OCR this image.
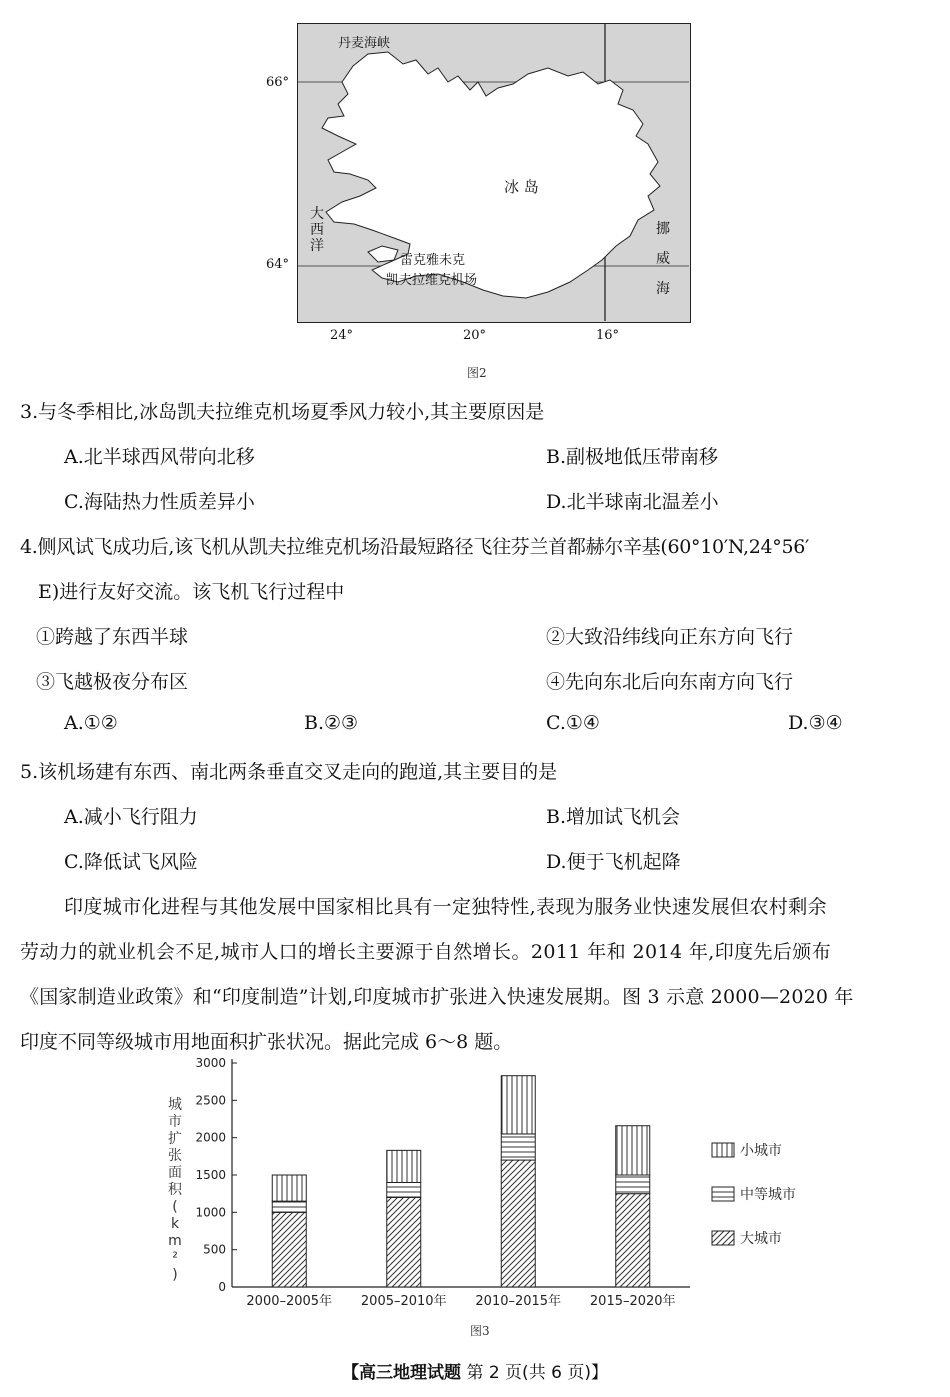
丹麦海峡
冰 岛
大西洋
挪 威 海
雷克雅未克
凯夫拉维克机场
66°
64°
24°	20°	16°
图2
3.与冬季相比,冰岛凯夫拉维克机场夏季风力较小,其主要原因是
A.北半球西风带向北移	B.副极地低压带南移
C.海陆热力性质差异小	D.北半球南北温差小
4.侧风试飞成功后,该飞机从凯夫拉维克机场沿最短路径飞往芬兰首都赫尔辛基(60°10′N,24°56′
E)进行友好交流。该飞机飞行过程中
①跨越了东西半球	②大致沿纬线向正东方向飞行
③飞越极夜分布区	④先向东北后向东南方向飞行
A.①②	B.②③	C.①④	D.③④
5.该机场建有东西、南北两条垂直交叉走向的跑道,其主要目的是
A.减小飞行阻力	B.增加试飞机会
C.降低试飞风险	D.便于飞机起降
印度城市化进程与其他发展中国家相比具有一定独特性,表现为服务业快速发展但农村剩余
劳动力的就业机会不足,城市人口的增长主要源于自然增长。2011 年和 2014 年,印度先后颁布
《国家制造业政策》和“印度制造”计划,印度城市扩张进入快速发展期。图 3 示意 2000—2020 年
印度不同等级城市用地面积扩张状况。据此完成 6～8 题。
0
500
1000
1500
2000
2500
3000
城
市
扩
张
面
积
(
k
m
²
)
2000–2005年 2005–2010年 2010–2015年 2015–2020年
小城市
中等城市
大城市
图3
【高三地理试题 第 2 页(共 6 页)】
